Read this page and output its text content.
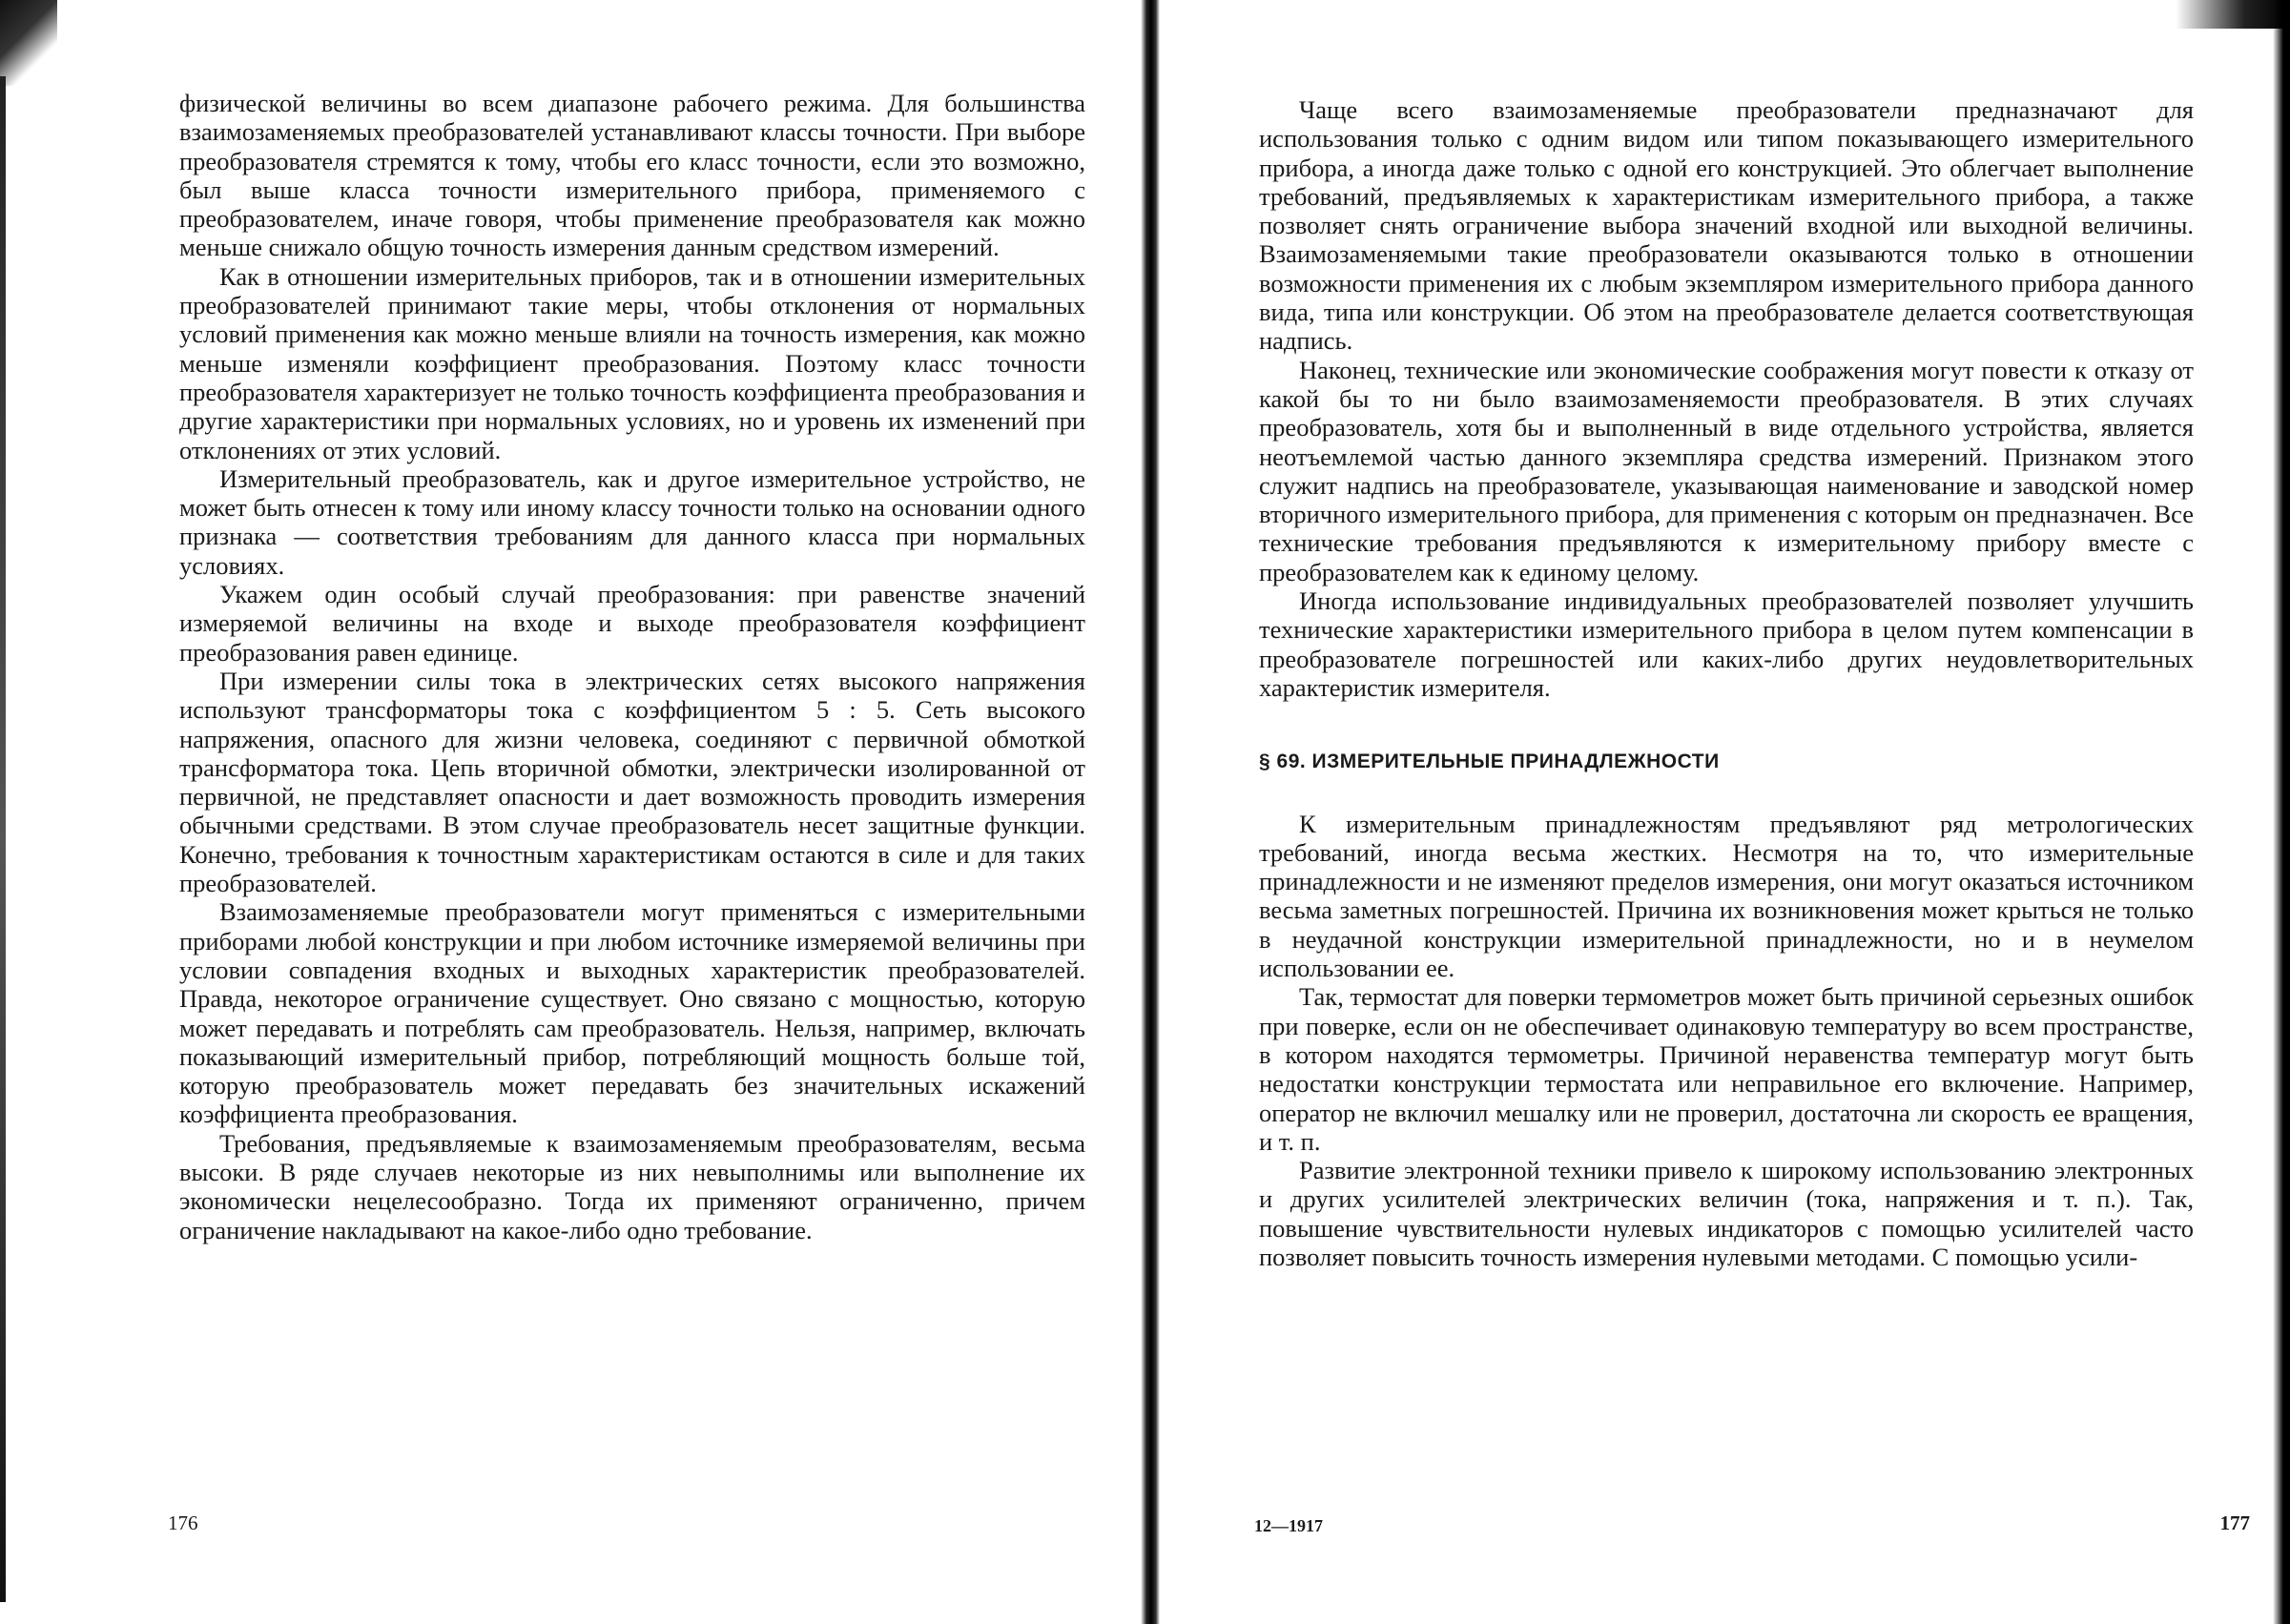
физической величины во всем диапазоне рабочего режима. Для большинства взаимозаменяемых преобразователей устанавливают классы точности. При выборе преобразователя стремятся к тому, чтобы его класс точности, если это возможно, был выше класса точности измерительного прибора, применяемого с преобразователем, иначе говоря, чтобы применение преобразователя как можно меньше снижало общую точность измерения данным средством измерений.

Как в отношении измерительных приборов, так и в отношении измерительных преобразователей принимают такие меры, чтобы отклонения от нормальных условий применения как можно меньше влияли на точность измерения, как можно меньше изменяли коэффициент преобразования. Поэтому класс точности преобразователя характеризует не только точность коэффициента преобразования и другие характеристики при нормальных условиях, но и уровень их изменений при отклонениях от этих условий.

Измерительный преобразователь, как и другое измерительное устройство, не может быть отнесен к тому или иному классу точности только на основании одного признака — соответствия требованиям для данного класса при нормальных условиях.

Укажем один особый случай преобразования: при равенстве значений измеряемой величины на входе и выходе преобразователя коэффициент преобразования равен единице.

При измерении силы тока в электрических сетях высокого напряжения используют трансформаторы тока с коэффициентом 5 : 5. Сеть высокого напряжения, опасного для жизни человека, соединяют с первичной обмоткой трансформатора тока. Цепь вторичной обмотки, электрически изолированной от первичной, не представляет опасности и дает возможность проводить измерения обычными средствами. В этом случае преобразователь несет защитные функции. Конечно, требования к точностным характеристикам остаются в силе и для таких преобразователей.

Взаимозаменяемые преобразователи могут применяться с измерительными приборами любой конструкции и при любом источнике измеряемой величины при условии совпадения входных и выходных характеристик преобразователей. Правда, некоторое ограничение существует. Оно связано с мощностью, которую может передавать и потреблять сам преобразователь. Нельзя, например, включать показывающий измерительный прибор, потребляющий мощность больше той, которую преобразователь может передавать без значительных искажений коэффициента преобразования.

Требования, предъявляемые к взаимозаменяемым преобразователям, весьма высоки. В ряде случаев некоторые из них невыполнимы или выполнение их экономически нецелесообразно. Тогда их применяют ограниченно, причем ограничение накладывают на какое-либо одно требование.

176

Чаще всего взаимозаменяемые преобразователи предназначают для использования только с одним видом или типом показывающего измерительного прибора, а иногда даже только с одной его конструкцией. Это облегчает выполнение требований, предъявляемых к характеристикам измерительного прибора, а также позволяет снять ограничение выбора значений входной или выходной величины. Взаимозаменяемыми такие преобразователи оказываются только в отношении возможности применения их с любым экземпляром измерительного прибора данного вида, типа или конструкции. Об этом на преобразователе делается соответствующая надпись.

Наконец, технические или экономические соображения могут повести к отказу от какой бы то ни было взаимозаменяемости преобразователя. В этих случаях преобразователь, хотя бы и выполненный в виде отдельного устройства, является неотъемлемой частью данного экземпляра средства измерений. Признаком этого служит надпись на преобразователе, указывающая наименование и заводской номер вторичного измерительного прибора, для применения с которым он предназначен. Все технические требования предъявляются к измерительному прибору вместе с преобразователем как к единому целому.

Иногда использование индивидуальных преобразователей позволяет улучшить технические характеристики измерительного прибора в целом путем компенсации в преобразователе погрешностей или каких-либо других неудовлетворительных характеристик измерителя.

§ 69. ИЗМЕРИТЕЛЬНЫЕ ПРИНАДЛЕЖНОСТИ

К измерительным принадлежностям предъявляют ряд метрологических требований, иногда весьма жестких. Несмотря на то, что измерительные принадлежности и не изменяют пределов измерения, они могут оказаться источником весьма заметных погрешностей. Причина их возникновения может крыться не только в неудачной конструкции измерительной принадлежности, но и в неумелом использовании ее.

Так, термостат для поверки термометров может быть причиной серьезных ошибок при поверке, если он не обеспечивает одинаковую температуру во всем пространстве, в котором находятся термометры. Причиной неравенства температур могут быть недостатки конструкции термостата или неправильное его включение. Например, оператор не включил мешалку или не проверил, достаточна ли скорость ее вращения, и т. п.

Развитие электронной техники привело к широкому использованию электронных и других усилителей электрических величин (тока, напряжения и т. п.). Так, повышение чувствительности нулевых индикаторов с помощью усилителей часто позволяет повысить точность измерения нулевыми методами. С помощью усили-

177
12—1917
